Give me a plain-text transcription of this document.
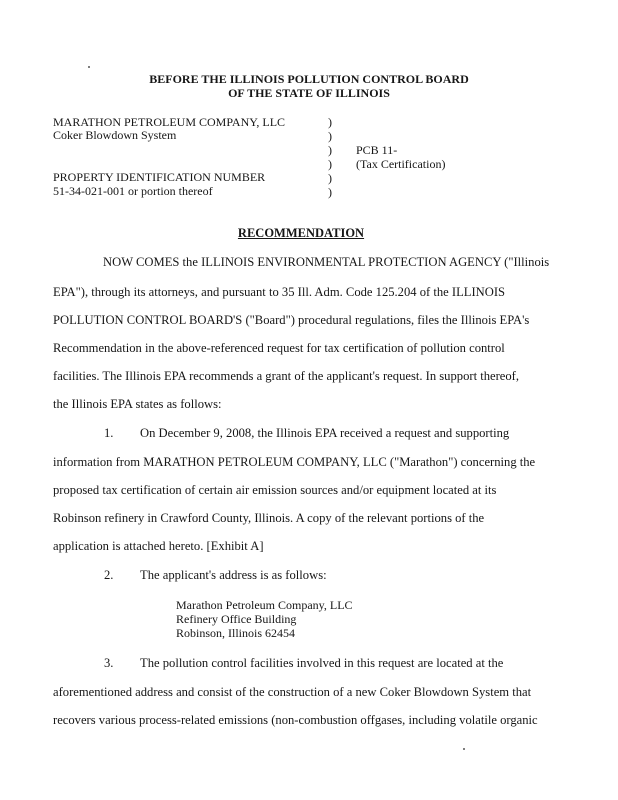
BEFORE THE ILLINOIS POLLUTION CONTROL BOARD
OF THE STATE OF ILLINOIS
MARATHON PETROLEUM COMPANY, LLC
Coker Blowdown System
PROPERTY IDENTIFICATION NUMBER
51-34-021-001 or portion thereof
)
)
)
)
)
)
PCB 11-
(Tax Certification)
RECOMMENDATION
NOW COMES the ILLINOIS ENVIRONMENTAL PROTECTION AGENCY ("Illinois
EPA"), through its attorneys, and pursuant to 35 Ill. Adm. Code 125.204 of the ILLINOIS
POLLUTION CONTROL BOARD'S ("Board") procedural regulations, files the Illinois EPA's
Recommendation in the above-referenced request for tax certification of pollution control
facilities. The Illinois EPA recommends a grant of the applicant's request. In support thereof,
the Illinois EPA states as follows:
1. On December 9, 2008, the Illinois EPA received a request and supporting
information from MARATHON PETROLEUM COMPANY, LLC ("Marathon") concerning the
proposed tax certification of certain air emission sources and/or equipment located at its
Robinson refinery in Crawford County, Illinois. A copy of the relevant portions of the
application is attached hereto. [Exhibit A]
2. The applicant's address is as follows:
Marathon Petroleum Company, LLC
Refinery Office Building
Robinson, Illinois 62454
3. The pollution control facilities involved in this request are located at the
aforementioned address and consist of the construction of a new Coker Blowdown System that
recovers various process-related emissions (non-combustion offgases, including volatile organic
